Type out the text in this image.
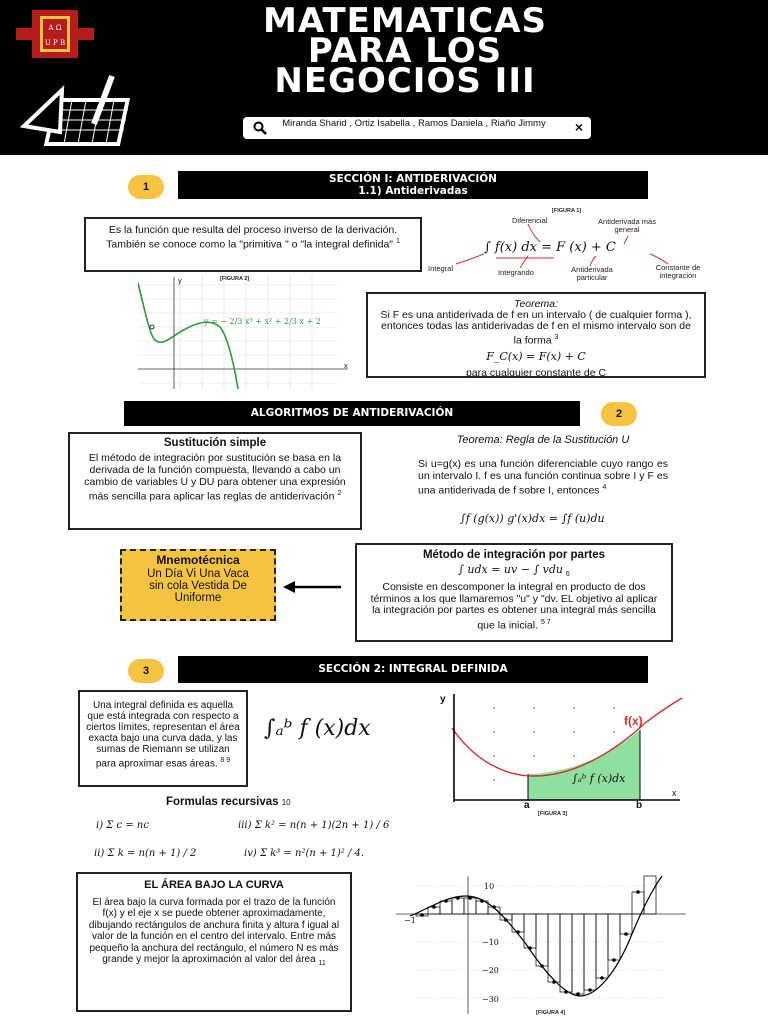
A Ω
U P B
MATEMATICAS
PARA LOS
NEGOCIOS III
Miranda Sharid , Ortiz Isabella , Ramos Daniela , Riaño Jimmy ×
1
SECCIÓN I: ANTIDERIVACIÓN
1.1) Antiderivadas
Es la función que resulta del proceso inverso de la derivación. También se conoce como la "primitiva " o "la integral definida" $^1$
[FIGURA 1]
Diferencial	Antiderivada más general
∫ f(x) dx = F (x) + C
Integral	Integrando	Antiderivada particular
Constante de integración
[FIGURA 2]
y = − 2/3 x³ + x² + 2/3 x + 2
y
x
Teorema:
Si F es una antiderivada de f en un intervalo ( de cualquier forma ), entonces todas las antiderivadas de f en el mismo intervalo son de la forma $^3$
F_C(x) = F(x) + C
para cualquier constante de C
ALGORITMOS DE ANTIDERIVACIÓN	2
Sustitución simple
El método de integración por sustitución se basa en la derivada de la función compuesta, llevando a cabo un cambio de variables U y DU para obtener una expresión más sencilla para aplicar las reglas de antiderivación $^2$
Teorema: Regla de la Sustitución U
Si u=g(x) es una función diferenciable cuyo rango es un intervalo I. f es una función continua sobre I y F es una antiderivada de f sobre I, entonces $^4$
∫f (g(x)) g'(x)dx = ∫f (u)du
Mnemotécnica
Un Día Vi Una Vaca sin cola Vestida De Uniforme
Método de integración por partes
∫ udx = uv − ∫ vdu $_6$
Consiste en descomponer la integral en producto de dos términos a los que llamaremos "u" y "dv. EL objetivo al aplicar la integración por partes es obtener una integral más sencilla que la inicial. $^{5 7}$
3	SECCIÓN 2: INTEGRAL DEFINIDA
Una integral definida es aquella que está integrada con respecto a ciertos límites, representan el área exacta bajo una curva dada, y las sumas de Riemann se utilizan para aproximar esas áreas. $^{8 9}$
∫ₐᵇ f (x)dx
y
x
f(x)
∫ₐᵇ f (x)dx
a	b
[FIGURA 3]
Formulas recursivas 10
i) Σ c = nc	iii) Σ k² = n(n + 1)(2n + 1) / 6
ii) Σ k = n(n + 1) / 2	iv) Σ k³ = n²(n + 1)² / 4.
EL ÁREA BAJO LA CURVA
El área bajo la curva formada por el trazo de la función f(x) y el eje x se puede obtener aproximadamente, dibujando rectángulos de anchura finita y altura f igual al valor de la función en el centro del intervalo. Entre más pequeño la anchura del rectángulo, el número N es más grande y mejor la aproximación al valor del área $_{11}$
10
−10
−20
−30
−1
[FIGURA 4]
